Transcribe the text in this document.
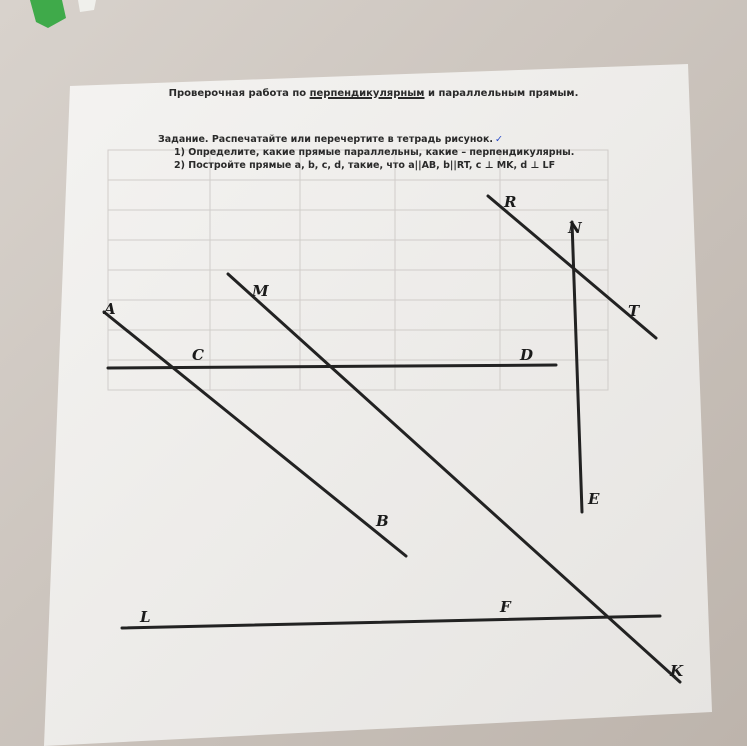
Проверочная работа по перпендикулярным и параллельным прямым.
Задание. Распечатайте или перечертите в тетрадь рисунок. ✓
1) Определите, какие прямые параллельны, какие – перпендикулярны.
2) Постройте прямые a, b, c, d, такие, что a||AB, b||RT, c ⊥ MK, d ⊥ LF
A
B
C	D
M
K
R
T
N
E
L
F
